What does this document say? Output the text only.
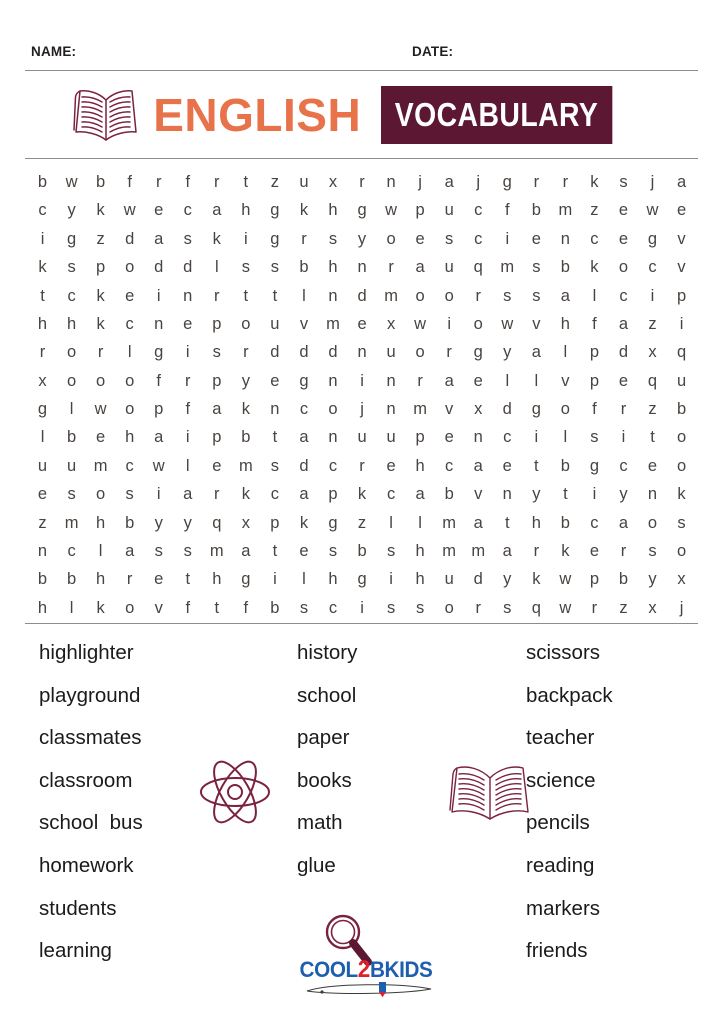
NAME:	DATE:
ENGLISH	VOCABULARY
b	w	b	f	r	f	r	t	z	u	x	r	n	j	a	j	g	r	r	k	s	j	a
c	y	k	w	e	c	a	h	g	k	h	g	w	p	u	c	f	b	m	z	e	w	e
i	g	z	d	a	s	k	i	g	r	s	y	o	e	s	c	i	e	n	c	e	g	v
k	s	p	o	d	d	l	s	s	b	h	n	r	a	u	q	m	s	b	k	o	c	v
t	c	k	e	i	n	r	t	t	l	n	d	m	o	o	r	s	s	a	l	c	i	p
h	h	k	c	n	e	p	o	u	v	m	e	x	w	i	o	w	v	h	f	a	z	i
r	o	r	l	g	i	s	r	d	d	d	n	u	o	r	g	y	a	l	p	d	x	q
x	o	o	o	f	r	p	y	e	g	n	i	n	r	a	e	l	l	v	p	e	q	u
g	l	w	o	p	f	a	k	n	c	o	j	n	m	v	x	d	g	o	f	r	z	b
l	b	e	h	a	i	p	b	t	a	n	u	u	p	e	n	c	i	l	s	i	t	o
u	u	m	c	w	l	e	m	s	d	c	r	e	h	c	a	e	t	b	g	c	e	o
e	s	o	s	i	a	r	k	c	a	p	k	c	a	b	v	n	y	t	i	y	n	k
z	m	h	b	y	y	q	x	p	k	g	z	l	l	m	a	t	h	b	c	a	o	s
n	c	l	a	s	s	m	a	t	e	s	b	s	h	m m	a	r	k	e	r	s	o
b	b	h	r	e	t	h	g	i	l	h	g	i	h	u	d	y	k	w	p	b	y	x
h	l	k	o	v	f	t	f	b	s	c	i	s	s	o	r	s	q	w	r	z	x	j
highlighter
playground
classmates
classroom
school  bus
homework
students
learning
history
school
paper
books
math
glue
scissors
backpack
teacher
science
pencils
reading
markers
friends
COOL2BKIDS
